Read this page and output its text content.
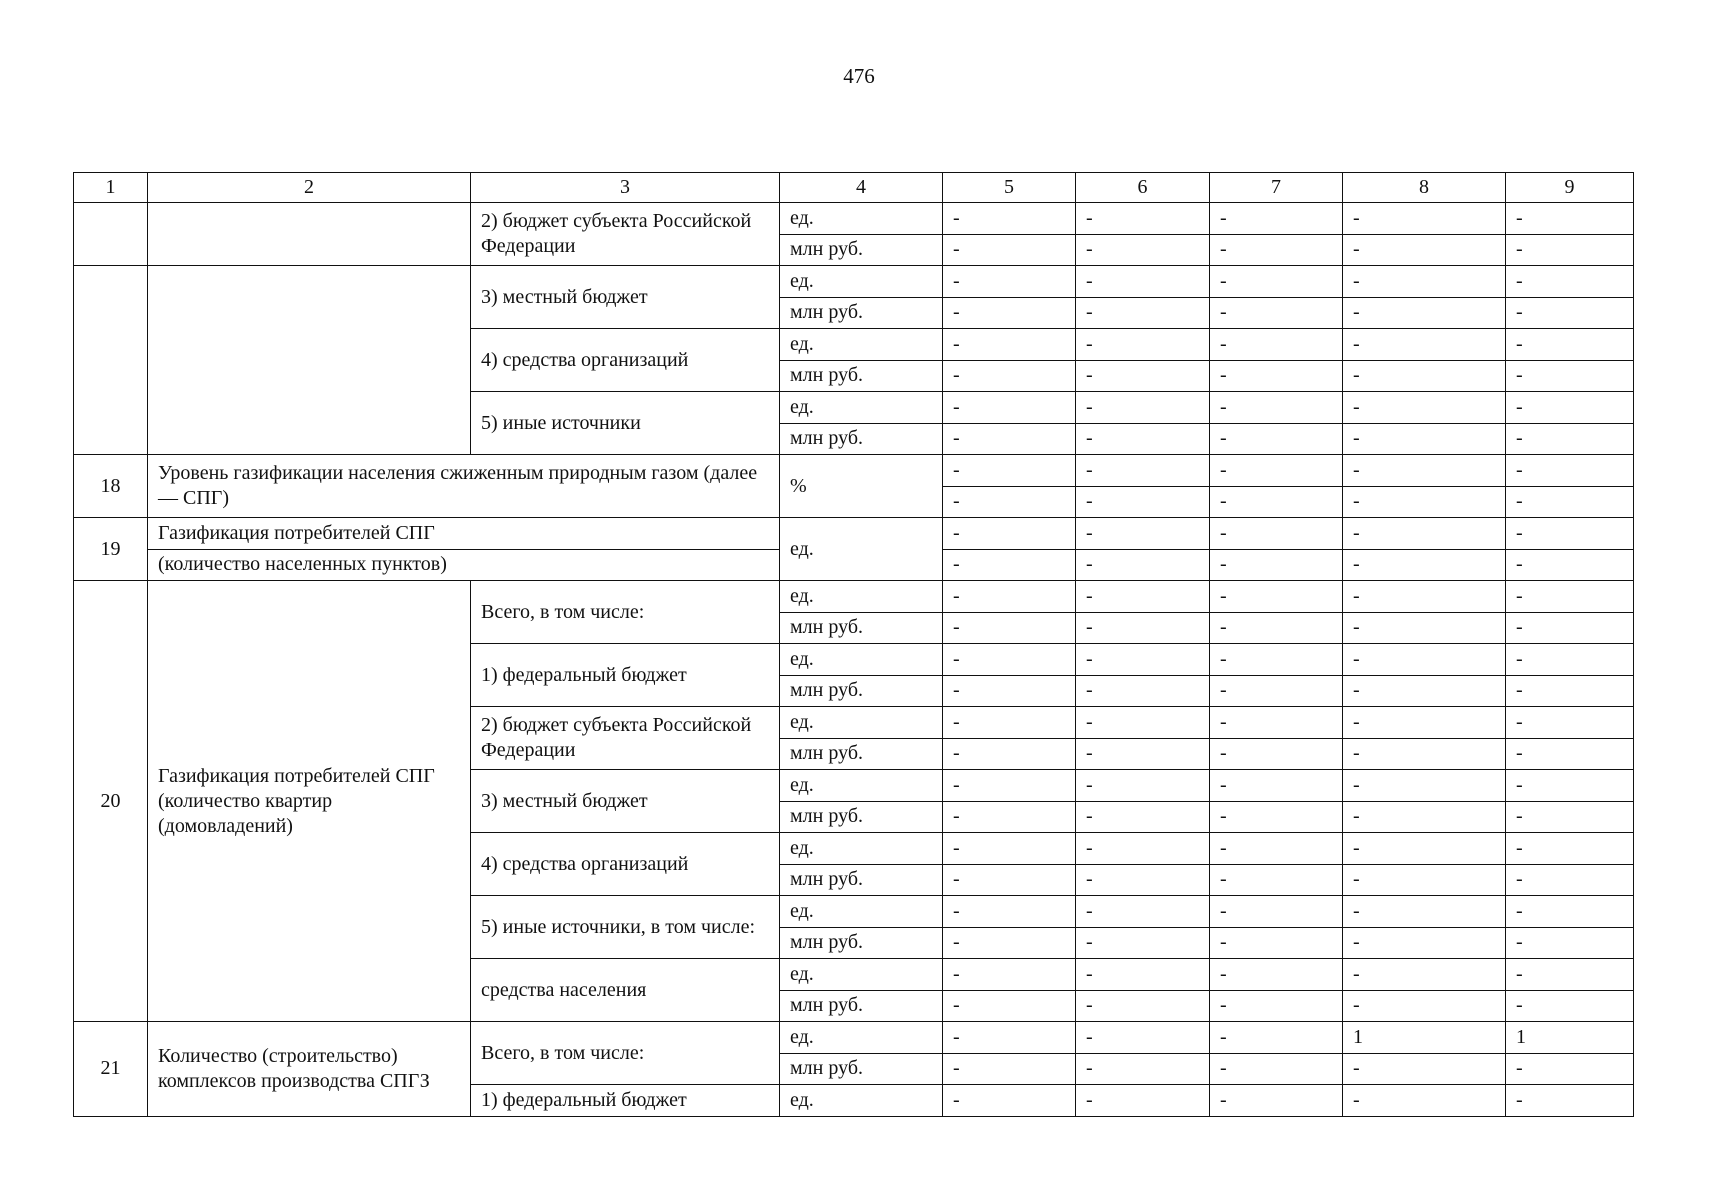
476
1	2	3	4	5	6	7	8	9
		2) бюджет субъекта Российской Федерации	ед.	-	-	-	-	-
			млн руб.	-	-	-	-	-
		3) местный бюджет	ед.	-	-	-	-	-
			млн руб.	-	-	-	-	-
		4) средства организаций	ед.	-	-	-	-	-
			млн руб.	-	-	-	-	-
		5) иные источники	ед.	-	-	-	-	-
			млн руб.	-	-	-	-	-
18	Уровень газификации населения сжиженным природным газом (далее — СПГ)		%	-	-	-	-	-
				-	-	-	-	-
19	Газификация потребителей СПГ		ед.	-	-	-	-	-
	(количество населенных пунктов)			-	-	-	-	-
20	Газификация потребителей СПГ (количество квартир (домовладений)	Всего, в том числе:	ед.	-	-	-	-	-
			млн руб.	-	-	-	-	-
		1) федеральный бюджет	ед.	-	-	-	-	-
			млн руб.	-	-	-	-	-
		2) бюджет субъекта Российской Федерации	ед.	-	-	-	-	-
			млн руб.	-	-	-	-	-
		3) местный бюджет	ед.	-	-	-	-	-
			млн руб.	-	-	-	-	-
		4) средства организаций	ед.	-	-	-	-	-
			млн руб.	-	-	-	-	-
		5) иные источники, в том числе:	ед.	-	-	-	-	-
			млн руб.	-	-	-	-	-
		средства населения	ед.	-	-	-	-	-
			млн руб.	-	-	-	-	-
21	Количество (строительство) комплексов производства СПГЗ	Всего, в том числе:	ед.	-	-	-	1	1
			млн руб.	-	-	-	-	-
		1) федеральный бюджет	ед.	-	-	-	-	-
